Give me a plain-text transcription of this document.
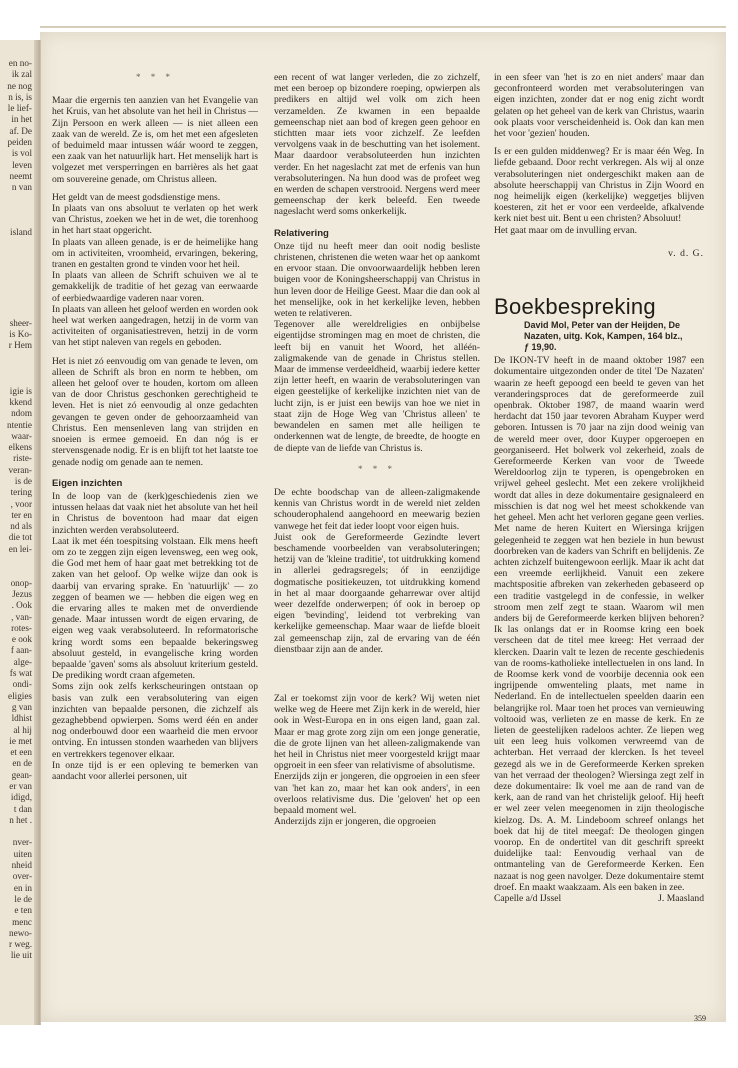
en no-
ik zal
ne nog
n is, is
le lief-
in het
af. De
peiden
is vol
leven
neemt
n van

island

sheer-
is Ko-
r Hem

igie is
kkend
ndom
ntentie
waar-
elkens
riste-
veran-
is de
tering
, voor
ter en
nd als
die tot
en lei-

onop-
Jezus
. Ook
, van-
rotes-
e ook
f aan-
alge-
fs wat
ondi-
eligies
g van
ldhist
al hij
ie met
et een
en de
gean-
er van
idigd,
t dan
n het .

nver-
uiten
nheid
over-
en in
le de
e ten
menc
newo-
r weg.
lie uit
* * *

Maar die ergernis ten aanzien van het Evangelie van het Kruis, van het absolute van het heil in Christus — Zijn Persoon en werk alleen — is niet alleen een zaak van de wereld. Ze is, om het met een afgesleten of beduimeld maar intussen wáár woord te zeggen, een zaak van het natuurlijk hart. Het menselijk hart is volgezet met versperringen en barrières als het gaat om souvereine genade, om Christus alleen.

Het geldt van de meest godsdienstige mens.

In plaats van ons absoluut te verlaten op het werk van Christus, zoeken we het in de wet, die torenhoog in het hart staat opgericht.

In plaats van alleen genade, is er de heimelijke hang om in activiteiten, vroomheid, ervaringen, bekering, tranen en gestalten grond te vinden voor het heil.

In plaats van alleen de Schrift schuiven we al te gemakkelijk de traditie of het gezag van eerwaarde of eerbiedwaardige vaderen naar voren.

In plaats van alleen het geloof werden en worden ook heel wat werken aangedragen, hetzij in de vorm van activiteiten of organisatiestreven, hetzij in de vorm van het stipt naleven van regels en geboden.

Het is niet zó eenvoudig om van genade te leven, om alleen de Schrift als bron en norm te hebben, om alleen het geloof over te houden, kortom om alleen van de door Christus geschonken gerechtigheid te leven. Het is niet zó eenvoudig al onze gedachten gevangen te geven onder de gehoorzaamheid van Christus. Een mensenleven lang van strijden en snoeien is ermee gemoeid. En dan nóg is er stervensgenade nodig. Er is en blijft tot het laatste toe genade nodig om genade aan te nemen.

Eigen inzichten

In de loop van de (kerk)geschiedenis zien we intussen helaas dat vaak niet het absolute van het heil in Christus de boventoon had maar dat eigen inzichten werden verabsoluteerd.

Laat ik met één toespitsing volstaan. Elk mens heeft om zo te zeggen zijn eigen levensweg, een weg ook, die God met hem of haar gaat met betrekking tot de zaken van het geloof. Op welke wijze dan ook is daarbij van ervaring sprake. En 'natuurlijk' — zo zeggen of beamen we — hebben die eigen weg en die ervaring alles te maken met de onverdiende genade. Maar intussen wordt de eigen ervaring, de eigen weg vaak verabsoluteerd. In reformatorische kring wordt soms een bepaalde bekeringsweg absoluut gesteld, in evangelische kring worden bepaalde 'gaven' soms als absoluut kriterium gesteld. De prediking wordt craan afgemeten.

Soms zijn ook zelfs kerkscheuringen ontstaan op basis van zulk een verabsolutering van eigen inzichten van bepaalde personen, die zichzelf als gezaghebbend opwierpen. Soms werd één en ander nog onderbouwd door een waarheid die men ervoor ontving. En intussen stonden waarheden van blijvers en vertrekkers tegenover elkaar.

In onze tijd is er een opleving te bemerken van aandacht voor allerlei personen, uit

een recent of wat langer verleden, die zo zichzelf, met een beroep op bizondere roeping, opwierpen als predikers en altijd wel volk om zich heen verzamelden. Ze kwamen in een bepaalde gemeenschap niet aan bod of kregen geen gehoor en stichtten maar iets voor zichzelf. Ze leefden vervolgens vaak in de beschutting van het isolement. Maar daardoor verabsoluteerden hun inzichten verder. En het nageslacht zat met de erfenis van hun verabsoluteringen. Na hun dood was de profeet weg en werden de schapen verstrooid. Nergens werd meer gemeenschap der kerk beleefd. Een tweede nageslacht werd soms onkerkelijk.

Relativering

Onze tijd nu heeft meer dan ooit nodig besliste christenen, christenen die weten waar het op aankomt en ervoor staan. Die onvoorwaardelijk hebben leren buigen voor de Koningsheerschappij van Christus in hun leven door de Heilige Geest. Maar die dan ook al het menselijke, ook in het kerkelijke leven, hebben weten te relativeren.

Tegenover alle wereldreligies en onbijbelse eigentijdse stromingen mag en moet de christen, die leeft bij en vanuit het Woord, het alléén-zaligmakende van de genade in Christus stellen. Maar de immense verdeeldheid, waarbij iedere ketter zijn letter heeft, en waarin de verabsoluteringen van eigen geestelijke of kerkelijke inzichten niet van de lucht zijn, is er juist een bewijs van hoe we niet in staat zijn de Hoge Weg van 'Christus alleen' te bewandelen en samen met alle heiligen te onderkennen wat de lengte, de breedte, de hoogte en de diepte van de liefde van Christus is.

* * *

De echte boodschap van de alleen-zaligmakende kennis van Christus wordt in de wereld niet zelden schouderophalend aangehoord en meewarig bezien vanwege het feit dat ieder loopt voor eigen huis.

Juist ook de Gereformeerde Gezindte levert beschamende voorbeelden van verabsoluteringen; hetzij van de 'kleine traditie', tot uitdrukking komend in allerlei gedragsregels; óf in eenzijdige dogmatische positiekeuzen, tot uitdrukking komend in het al maar doorgaande geharrewar over altijd weer dezelfde onderwerpen; óf ook in beroep op eigen 'bevinding', leidend tot verbreking van kerkelijke gemeenschap. Maar waar de liefde bloeit zal gemeenschap zijn, zal de ervaring van de één dienstbaar zijn aan de ander.

Zal er toekomst zijn voor de kerk? Wij weten niet welke weg de Heere met Zijn kerk in de wereld, hier ook in West-Europa en in ons eigen land, gaan zal. Maar er mag grote zorg zijn om een jonge generatie, die de grote lijnen van het alleen-zaligmakende van het heil in Christus niet meer voorgesteld krijgt maar opgroeit in een sfeer van relativisme of absolutisme.

Enerzijds zijn er jongeren, die opgroeien in een sfeer van 'het kan zo, maar het kan ook anders', in een overloos relativisme dus. Die 'geloven' het op een bepaald moment wel.

Anderzijds zijn er jongeren, die opgroeien

in een sfeer van 'het is zo en niet anders' maar dan geconfronteerd worden met verabsoluteringen van eigen inzichten, zonder dat er nog enig zicht wordt gelaten op het geheel van de kerk van Christus, waarin ook plaats voor verscheidenheid is. Ook dan kan men het voor 'gezien' houden.

Is er een gulden middenweg? Er is maar één Weg. In liefde gebaand. Door recht verkregen. Als wij al onze verabsoluteringen niet ondergeschikt maken aan de absolute heerschappij van Christus in Zijn Woord en nog heimelijk eigen (kerkelijke) weggetjes blijven koesteren, zit het er voor een verdeelde, afkalvende kerk niet best uit. Bent u een christen? Absoluut!

Het gaat maar om de invulling ervan.

v. d. G.
Boekbespreking
David Mol, Peter van der Heijden, De Nazaten, uitg. Kok, Kampen, 164 blz.,
ƒ 19,90.

De IKON-TV heeft in de maand oktober 1987 een dokumentaire uitgezonden onder de titel 'De Nazaten' waarin ze heeft gepoogd een beeld te geven van het veranderingsproces dat de gereformeerde zuil openbrak. Oktober 1987, de maand waarin werd herdacht dat 150 jaar tevoren Abraham Kuyper werd geboren. Intussen is 70 jaar na zijn dood weinig van de wereld meer over, door Kuyper opgeroepen en georganiseerd. Het bolwerk vol zekerheid, zoals de Gereformeerde Kerken van voor de Tweede Wereldoorlog zijn te typeren, is opengebroken en vrijwel geheel geslecht. Met een zekere vrolijkheid wordt dat alles in deze dokumentaire gesignaleerd en misschien is dat nog wel het meest schokkende van het geheel. Men acht het verloren gegane geen verlies. Met name de heren Kuitert en Wiersinga krijgen gelegenheid te zeggen wat hen beziele in hun bewust doorbreken van de kaders van Schrift en belijdenis. Ze achten zichzelf buitengewoon eerlijk. Maar ik acht dat een vreemde eerlijkheid. Vanuit een zekere machtspositie afbreken van zekerheden gebaseerd op een traditie vastgelegd in de confessie, in welker stroom men zelf zegt te staan. Waarom wil men anders bij de Gereformeerde kerken blijven behoren? Ik las onlangs dat er in Roomse kring een boek verscheen dat de titel mee kreeg: Het verraad der klercken. Daarin valt te lezen de recente geschiedenis van de rooms-katholieke intellectuelen in ons land. In de Roomse kerk vond de voorbije decennia ook een ingrijpende omwenteling plaats, met name in Nederland. En de intellectuelen speelden daarin een belangrijke rol. Maar toen het proces van vernieuwing voltooid was, verlieten ze en masse de kerk. En ze lieten de geestelijken radeloos achter. Ze liepen weg uit een leeg huis volkomen verwreemd van de achterban. Het verraad der klercken. Is het teveel gezegd als we in de Gereformeerde Kerken spreken van het verraad der theologen? Wiersinga zegt zelf in deze dokumentaire: Ik voel me aan de rand van de kerk, aan de rand van het christelijk geloof. Hij heeft er wel zeer velen meegenomen in zijn theologische kielzog. Ds. A. M. Lindeboom schreef onlangs het boek dat hij de titel meegaf: De theologen gingen voorop. En de ondertitel van dit geschrift spreekt duidelijke taal: Eenvoudig verhaal van de ontmanteling van de Gereformeerde Kerken. Een nazaat is nog geen navolger. Deze dokumentaire stemt droef. En maakt waakzaam. Als een baken in zee.

Capelle a/d IJssel	J. Maasland
359
